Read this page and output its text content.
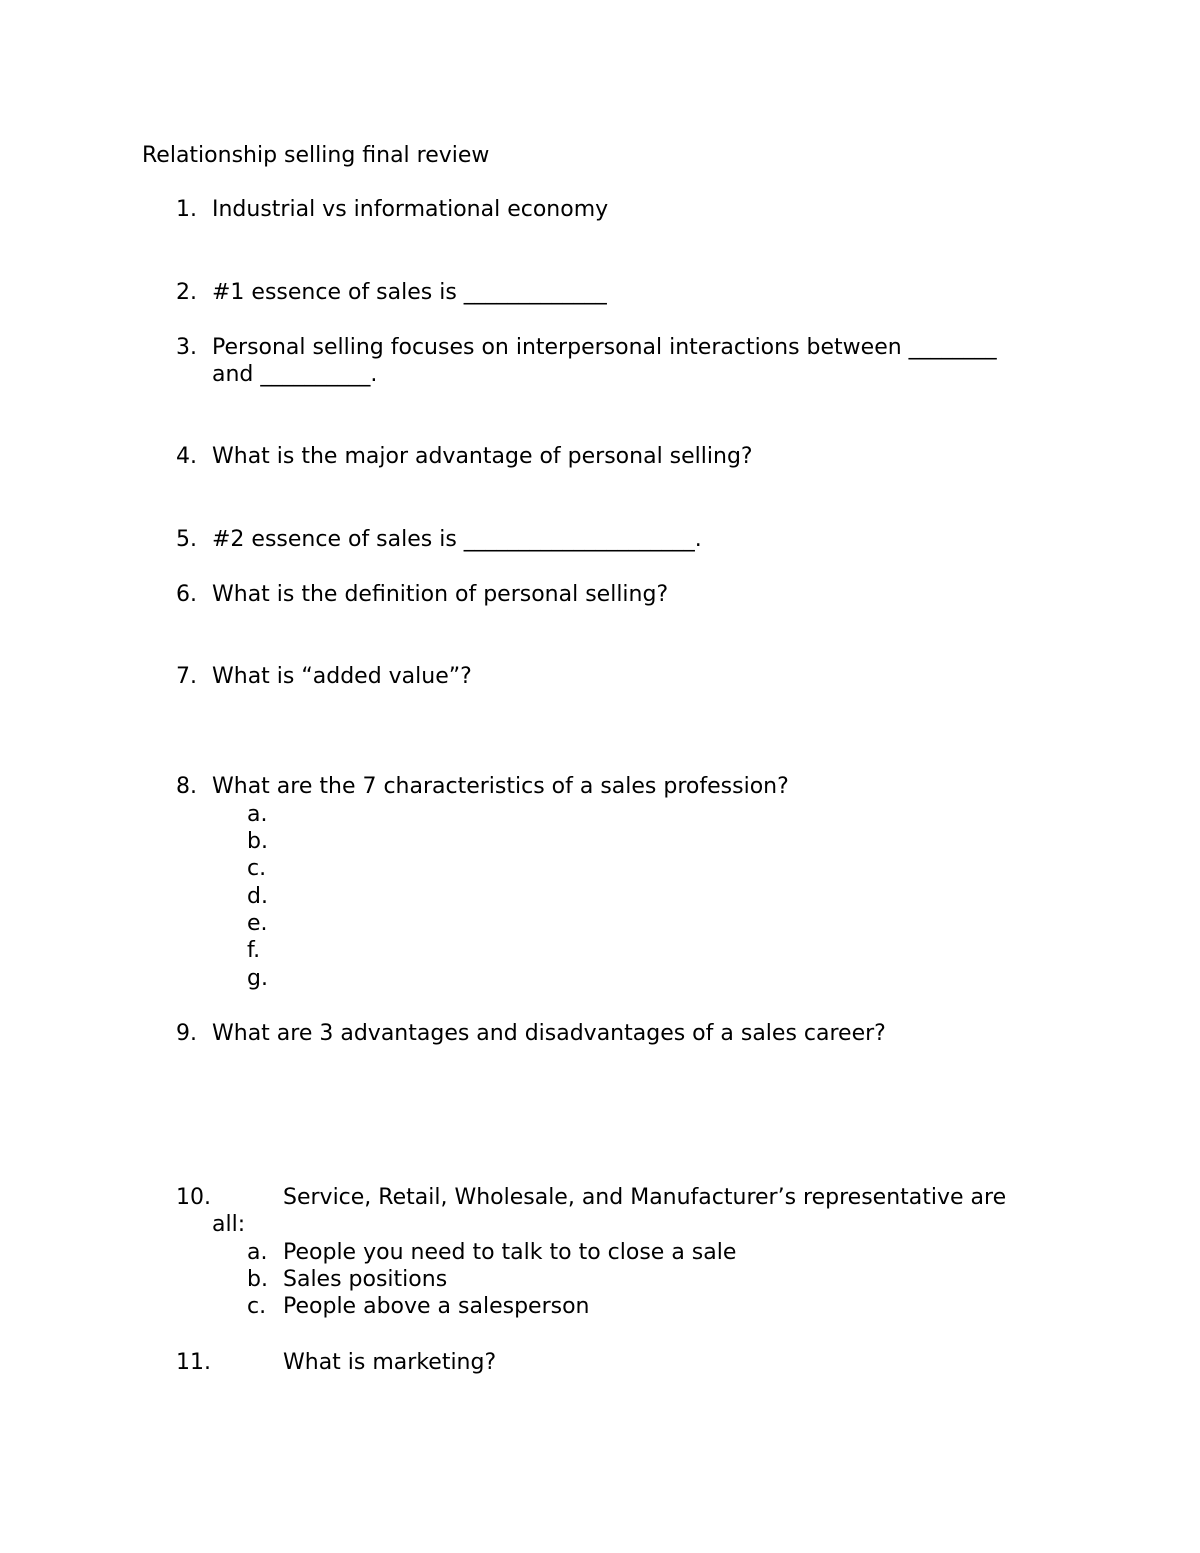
Relationship selling final review

1. Industrial vs informational economy

2. #1 essence of sales is _____________

3. Personal selling focuses on interpersonal interactions between ________

and __________.

4. What is the major advantage of personal selling?

5. #2 essence of sales is _____________________.

6. What is the definition of personal selling?

7. What is “added value”?

8. What are the 7 characteristics of a sales profession?

a.

b.

c.

d.

e.

f.

g.

9. What are 3 advantages and disadvantages of a sales career?

10.	Service, Retail, Wholesale, and Manufacturer’s representative are

all:

a. People you need to talk to to close a sale

b. Sales positions

c. People above a salesperson

11.	What is marketing?
